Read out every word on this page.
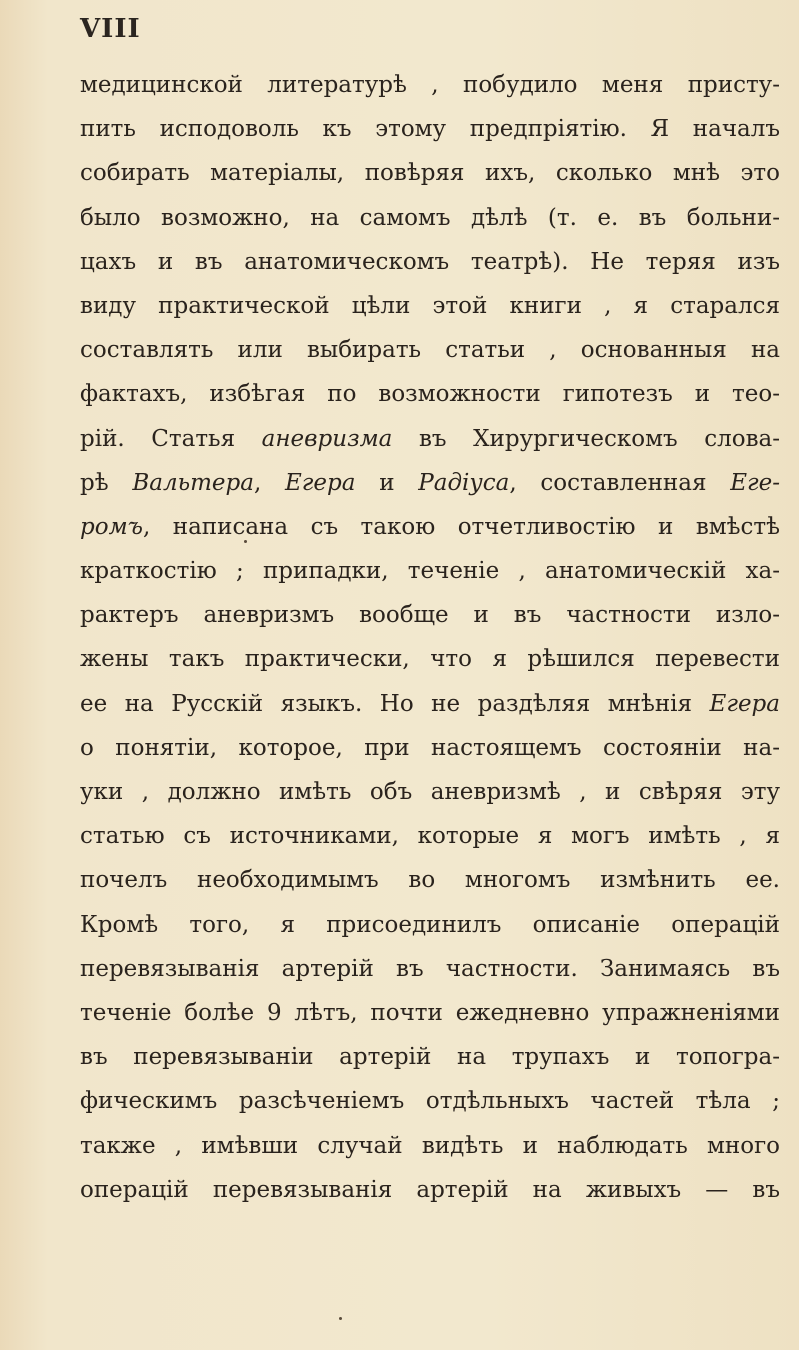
VIII
медицинской литературѣ , побудило меня присту-
пить исподоволь къ этому предпріятію. Я началъ
собирать матеріалы, повѣряя ихъ, сколько мнѣ это
было возможно, на самомъ дѣлѣ (т. е. въ больни-
цахъ и въ анатомическомъ театрѣ). Не теряя изъ
виду практической цѣли этой книги , я старался
составлять или выбирать статьи , основанныя на
фактахъ, избѣгая по возможности гипотезъ и тео-
рій. Статья аневризма въ Хирургическомъ слова-
рѣ Вальтера, Егера и Радіуса, составленная Еге-
ромъ, написана съ такою отчетливостію и вмѣстѣ
краткостію ; припадки, теченіе , анатомическій ха-
рактеръ аневризмъ вообще и въ частности изло-
жены такъ практически, что я рѣшился перевести
ее на Русскій языкъ. Но не раздѣляя мнѣнія Егера
о понятіи, которое, при настоящемъ состояніи на-
уки , должно имѣть объ аневризмѣ , и свѣряя эту
статью съ источниками, которые я могъ имѣть , я
почелъ необходимымъ во многомъ измѣнить ее.
Кромѣ того, я присоединилъ описаніе операцій
перевязыванія артерій въ частности. Занимаясь въ
теченіе болѣе 9 лѣтъ, почти ежедневно упражненіями
въ перевязываніи артерій на трупахъ и топогра-
фическимъ разсѣченіемъ отдѣльныхъ частей тѣла ;
также , имѣвши случай видѣть и наблюдать много
операцій перевязыванія артерій на живыхъ — въ
